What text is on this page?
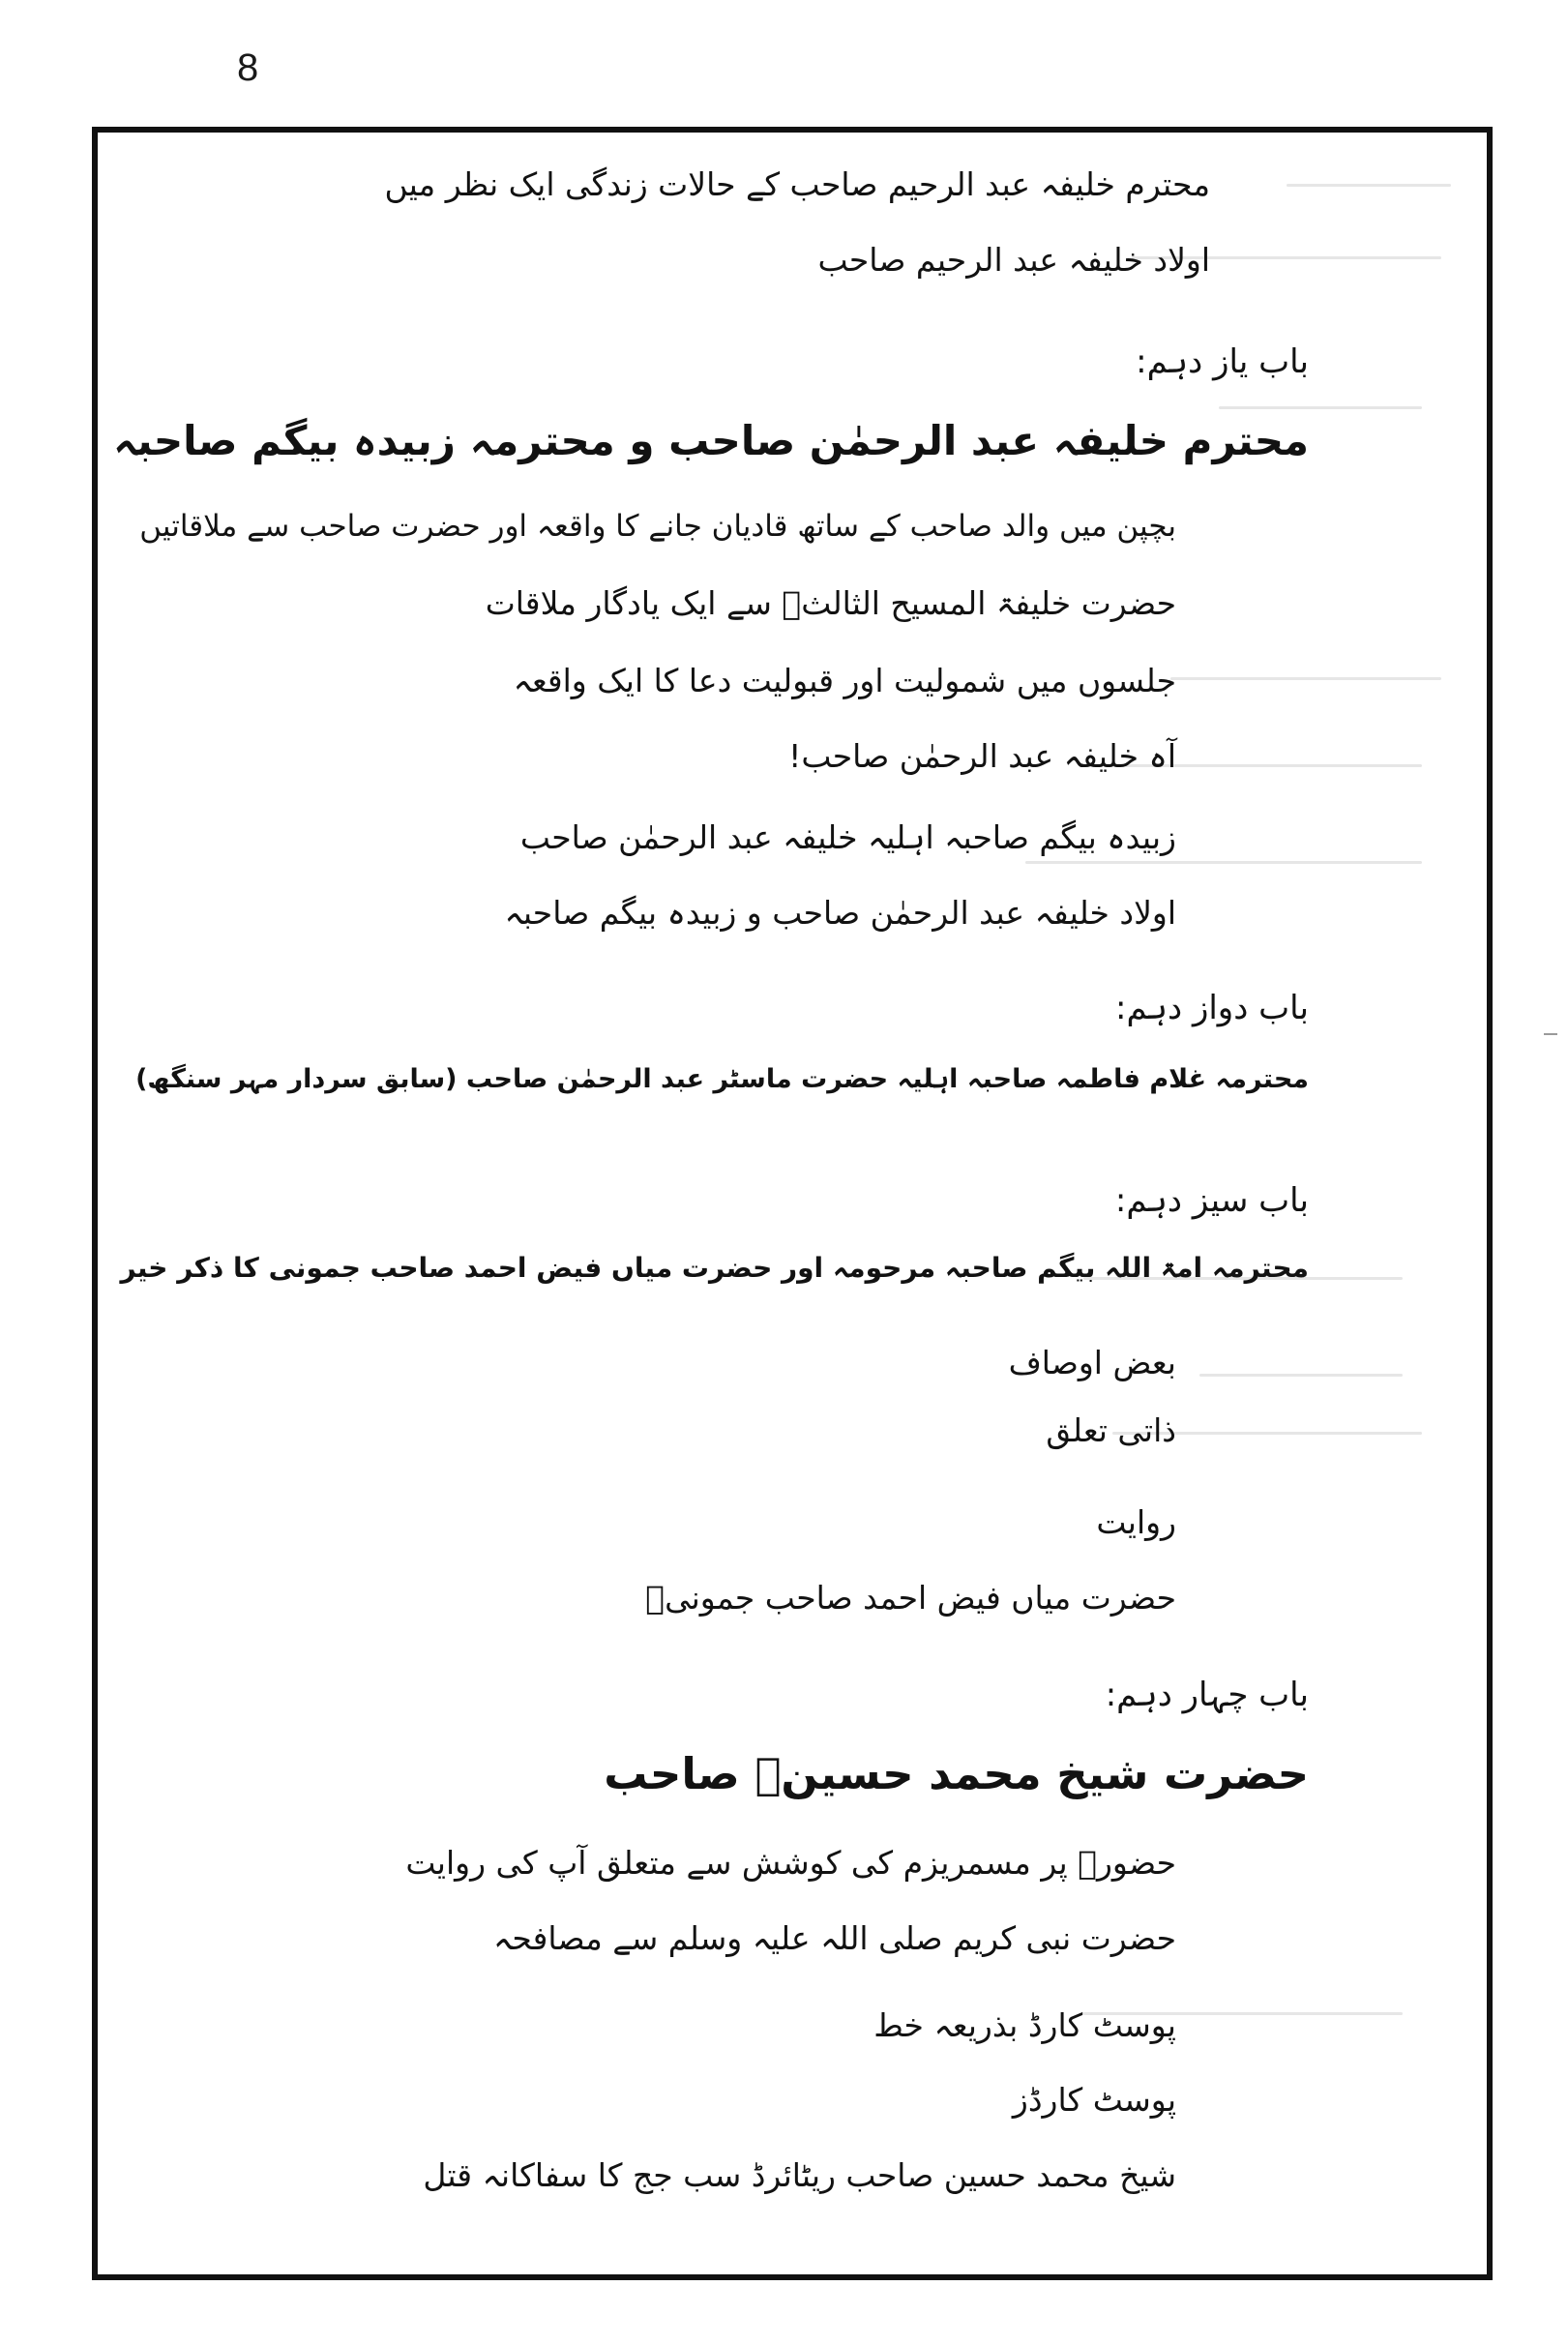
8
محترم خلیفہ عبد الرحیم صاحب کے حالات زندگی ایک نظر میں
اولاد خلیفہ عبد الرحیم صاحب
باب یاز دہم:
محترم خلیفہ عبد الرحمٰن صاحب و محترمہ زبیدہ بیگم صاحبہ
بچپن میں والد صاحب کے ساتھ قادیان جانے کا واقعہ اور حضرت صاحب سے ملاقاتیں
حضرت خلیفۃ المسیح الثالثؒ سے ایک یادگار ملاقات
جلسوں میں شمولیت اور قبولیت دعا کا ایک واقعہ
آہ خلیفہ عبد الرحمٰن صاحب!
زبیدہ بیگم صاحبہ اہلیہ خلیفہ عبد الرحمٰن صاحب
اولاد خلیفہ عبد الرحمٰن صاحب و زبیدہ بیگم صاحبہ
باب دواز دہم:
محترمہ غلام فاطمہ صاحبہ اہلیہ حضرت ماسٹر عبد الرحمٰن صاحب (سابق سردار مہر سنگھ)
باب سیز دہم:
محترمہ امۃ اللہ بیگم صاحبہ مرحومہ اور حضرت میاں فیض احمد صاحب جمونی کا ذکر خیر
بعض اوصاف
ذاتی تعلق
روایت
حضرت میاں فیض احمد صاحب جمونیؓ
باب چہار دہم:
حضرت شیخ محمد حسینؓ صاحب
حضورؑ پر مسمریزم کی کوشش سے متعلق آپ کی روایت
حضرت نبی کریم صلی اللہ علیہ وسلم سے مصافحہ
پوسٹ کارڈ بذریعہ خط
پوسٹ کارڈز
شیخ محمد حسین صاحب ریٹائرڈ سب جج کا سفاکانہ قتل
